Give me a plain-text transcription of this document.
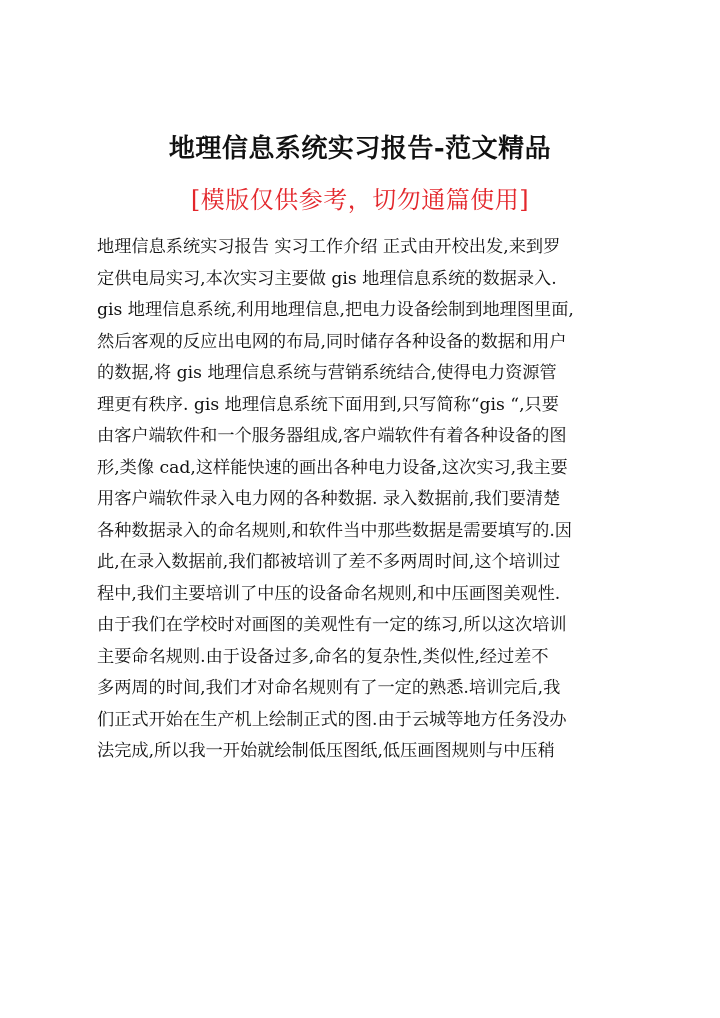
地理信息系统实习报告-范文精品
[模版仅供参考，切勿通篇使用]
地理信息系统实习报告 实习工作介绍 正式由开校出发,来到罗
定供电局实习,本次实习主要做 gis 地理信息系统的数据录入.
gis 地理信息系统,利用地理信息,把电力设备绘制到地理图里面,
然后客观的反应出电网的布局,同时储存各种设备的数据和用户
的数据,将 gis 地理信息系统与营销系统结合,使得电力资源管
理更有秩序. gis 地理信息系统下面用到,只写简称“gis “,只要
由客户端软件和一个服务器组成,客户端软件有着各种设备的图
形,类像 cad,这样能快速的画出各种电力设备,这次实习,我主要
用客户端软件录入电力网的各种数据. 录入数据前,我们要清楚
各种数据录入的命名规则,和软件当中那些数据是需要填写的.因
此,在录入数据前,我们都被培训了差不多两周时间,这个培训过
程中,我们主要培训了中压的设备命名规则,和中压画图美观性.
由于我们在学校时对画图的美观性有一定的练习,所以这次培训
主要命名规则.由于设备过多,命名的复杂性,类似性,经过差不
多两周的时间,我们才对命名规则有了一定的熟悉.培训完后,我
们正式开始在生产机上绘制正式的图.由于云城等地方任务没办
法完成,所以我一开始就绘制低压图纸,低压画图规则与中压稍
